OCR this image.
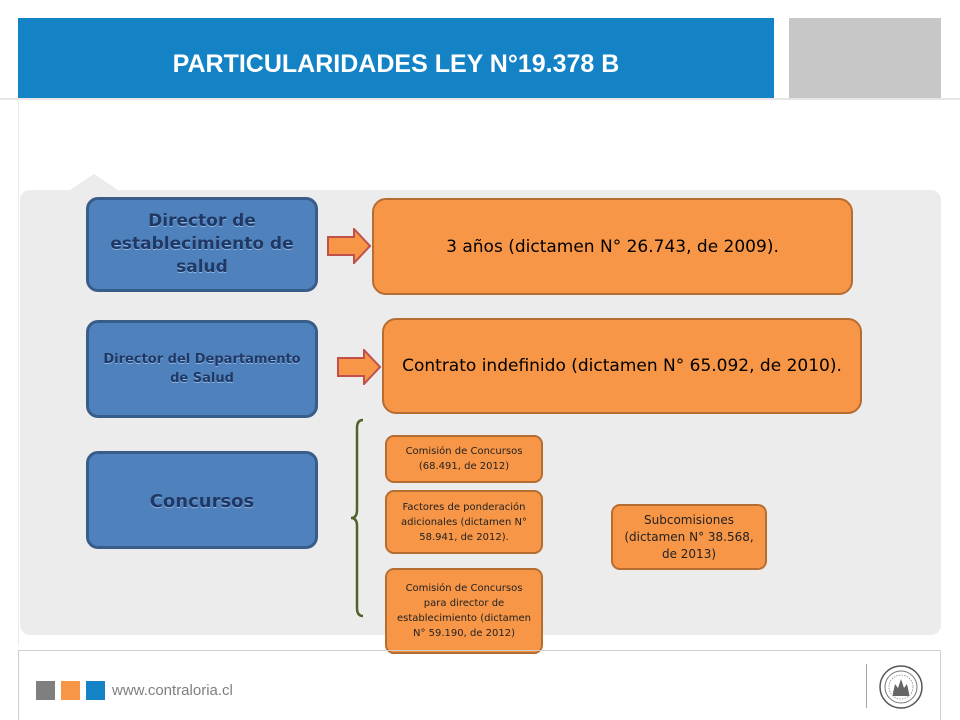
PARTICULARIDADES LEY N°19.378 B
Director de establecimiento de salud
3 años (dictamen N° 26.743, de 2009).
Director del Departamento de Salud
Contrato indefinido (dictamen N° 65.092, de 2010).
Concursos
Comisión de Concursos (68.491, de 2012)
Factores de ponderación adicionales (dictamen N° 58.941, de 2012).
Comisión de Concursos para director de establecimiento (dictamen N° 59.190, de 2012)
Subcomisiones (dictamen N° 38.568, de 2013)

www.contraloria.cl
